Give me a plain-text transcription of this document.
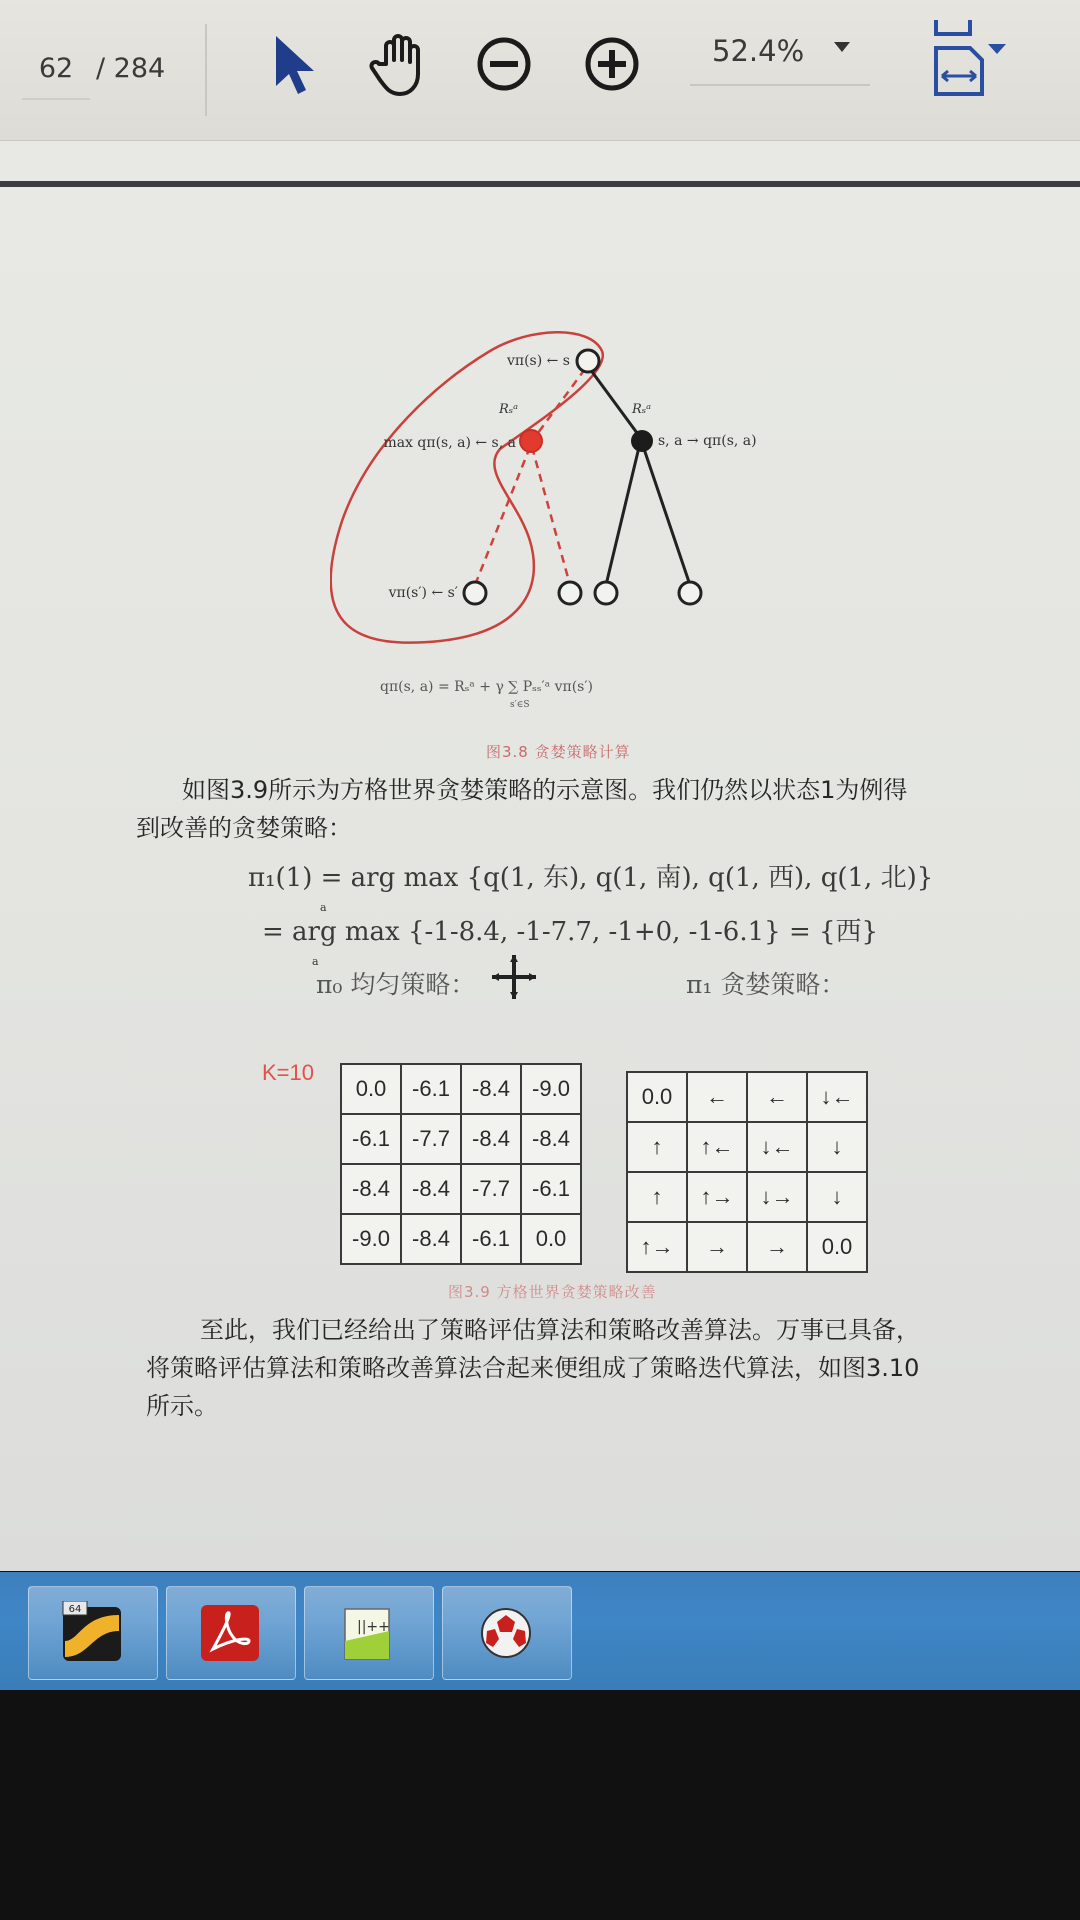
62 / 284
52.4%
vπ(s) ← s
Rₛᵃ	Rₛᵃ
max qπ(s, a) ← s, a	s, a → qπ(s, a)
vπ(s′) ← s′
qπ(s, a) = Rₛᵃ + γ ∑ Pₛₛ′ᵃ vπ(s′)
s′∈S
图3.8 贪婪策略计算

如图3.9所示为方格世界贪婪策略的示意图。我们仍然以状态1为例得

到改善的贪婪策略：

π₁(1) = arg max {q(1, 东), q(1, 南), q(1, 西), q(1, 北)}
a
= arg max {-1-8.4, -1-7.7, -1+0, -1-6.1} = {西}
a
π₀ 均匀策略：	π₁ 贪婪策略：
K=10
0.0	-6.1	-8.4	-9.0
-6.1	-7.7	-8.4	-8.4
-8.4	-8.4	-7.7	-6.1
-9.0	-8.4	-6.1	0.0
0.0	←	←	↓←
↑	↑←	↓←	↓
↑	↑→	↓→	↓
↑→	→	→	0.0
图3.9 方格世界贪婪策略改善

至此，我们已经给出了策略评估算法和策略改善算法。万事已具备，

将策略评估算法和策略改善算法合起来便组成了策略迭代算法，如图3.10

所示。

64
||++
